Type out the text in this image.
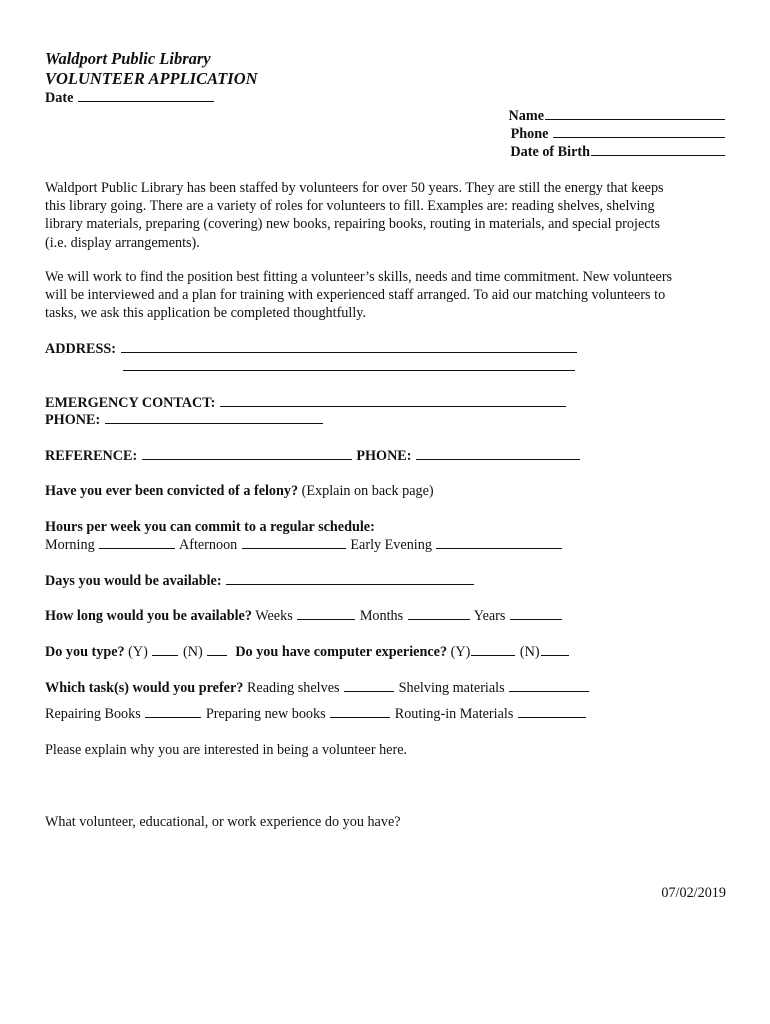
Waldport Public Library
VOLUNTEER APPLICATION
Date
Name
Phone
Date of Birth
Waldport Public Library has been staffed by volunteers for over 50 years. They are still the energy that keeps
this library going. There are a variety of roles for volunteers to fill. Examples are: reading shelves, shelving
library materials, preparing (covering) new books, repairing books, routing in materials, and special projects
(i.e. display arrangements).
We will work to find the position best fitting a volunteer’s skills, needs and time commitment. New volunteers
will be interviewed and a plan for training with experienced staff arranged. To aid our matching volunteers to
tasks, we ask this application be completed thoughtfully.
ADDRESS:
EMERGENCY CONTACT:
PHONE:
REFERENCE:	PHONE:
Have you ever been convicted of a felony? (Explain on back page)
Hours per week you can commit to a regular schedule:
Morning	Afternoon	Early Evening
Days you would be available:
How long would you be available? Weeks	Months	Years
Do you type? (Y) (N) Do you have computer experience? (Y)	(N)
Which task(s) would you prefer? Reading shelves	Shelving materials
Repairing Books	Preparing new books	Routing-in Materials
Please explain why you are interested in being a volunteer here.
What volunteer, educational, or work experience do you have?
07/02/2019
